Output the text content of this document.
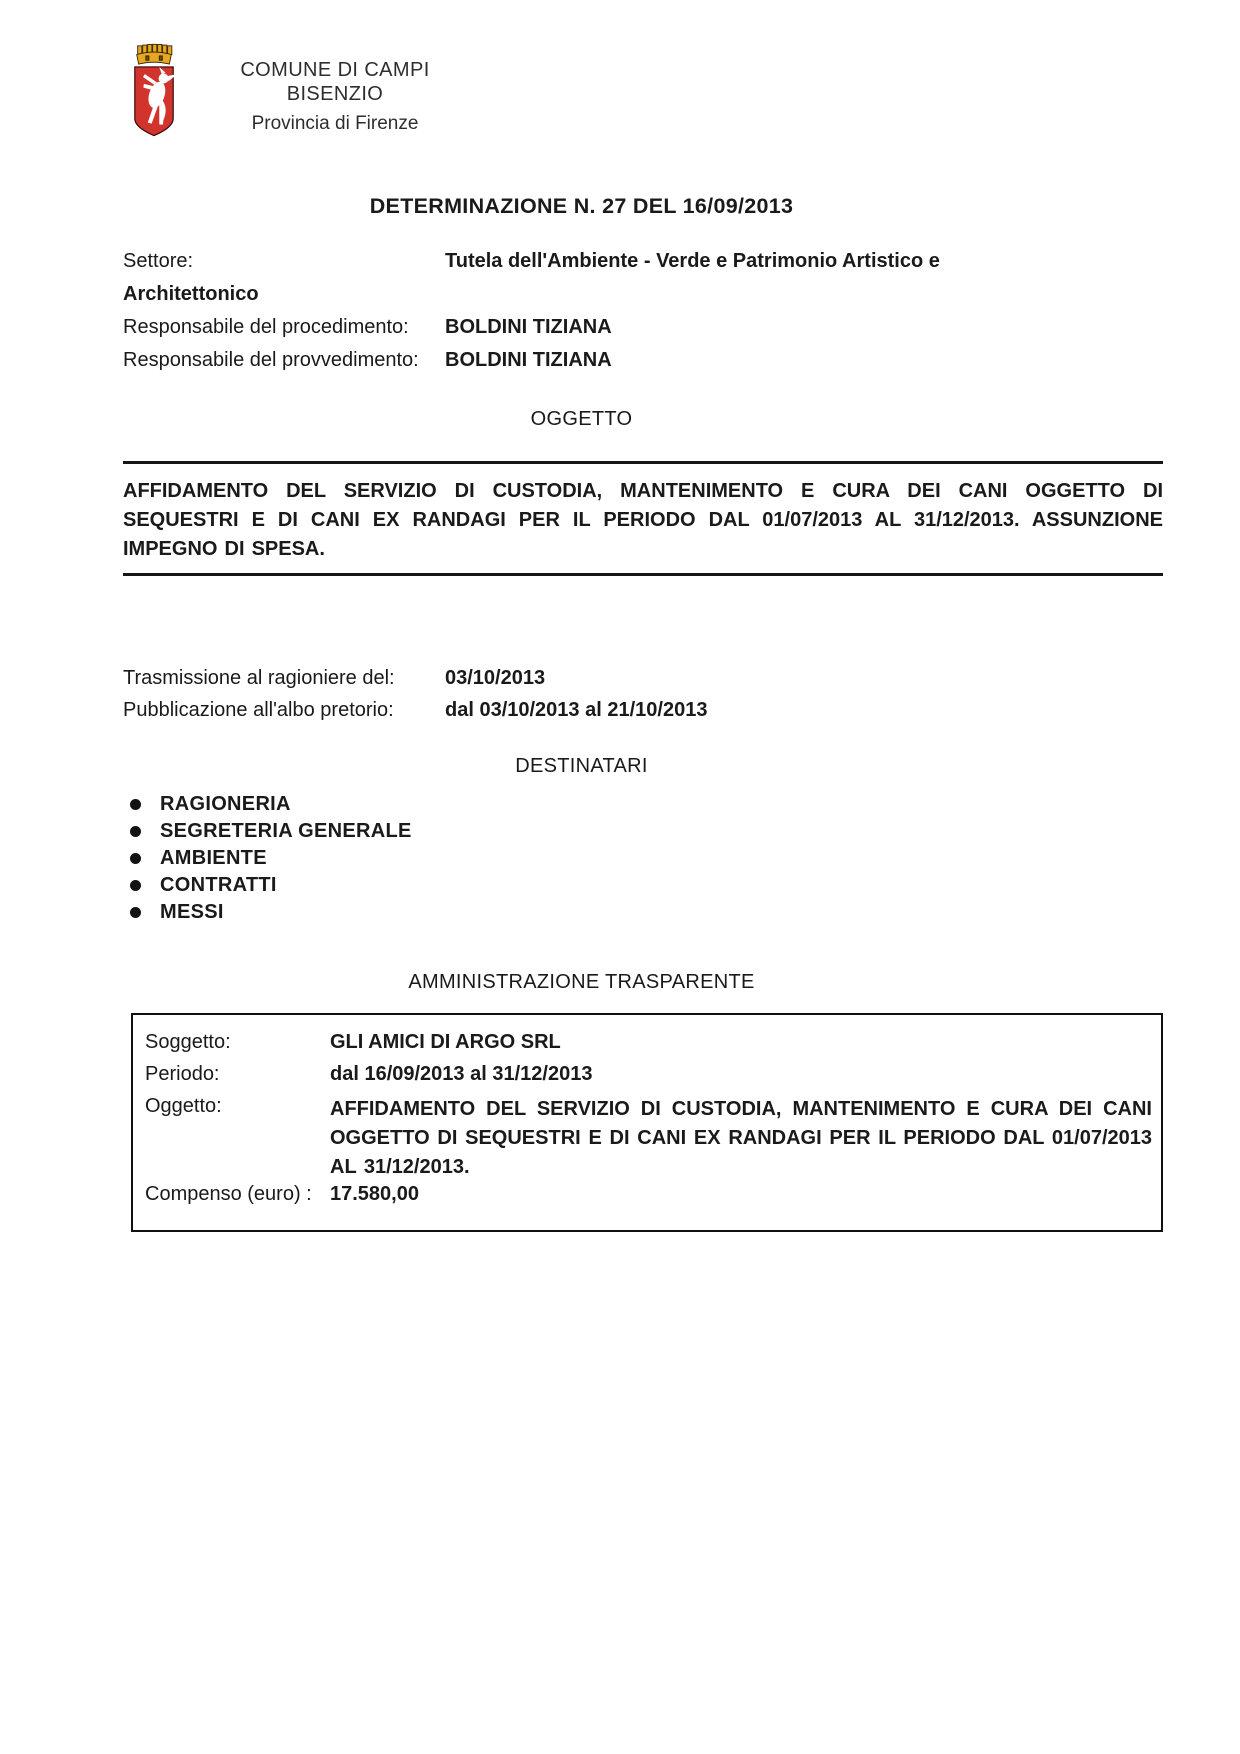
COMUNE DI CAMPI BISENZIO
Provincia di Firenze
DETERMINAZIONE N. 27 DEL 16/09/2013
Settore:	Tutela dell'Ambiente - Verde e Patrimonio Artistico e
Architettonico
Responsabile del procedimento: BOLDINI TIZIANA
Responsabile del provvedimento: BOLDINI TIZIANA
OGGETTO
AFFIDAMENTO DEL SERVIZIO DI CUSTODIA, MANTENIMENTO E CURA DEI CANI OGGETTO DI SEQUESTRI E DI CANI EX RANDAGI PER IL PERIODO DAL 01/07/2013 AL 31/12/2013. ASSUNZIONE IMPEGNO DI SPESA.
Trasmissione al ragioniere del:	03/10/2013
Pubblicazione all'albo pretorio:	dal 03/10/2013 al 21/10/2013
DESTINATARI
RAGIONERIA
SEGRETERIA GENERALE
AMBIENTE
CONTRATTI
MESSI
AMMINISTRAZIONE TRASPARENTE
Soggetto:	GLI AMICI DI ARGO SRL
Periodo:	dal 16/09/2013 al 31/12/2013
Oggetto:	AFFIDAMENTO DEL SERVIZIO DI CUSTODIA, MANTENIMENTO E CURA DEI CANI OGGETTO DI SEQUESTRI E DI CANI EX RANDAGI PER IL PERIODO DAL 01/07/2013 AL 31/12/2013.
Compenso (euro) : 17.580,00
